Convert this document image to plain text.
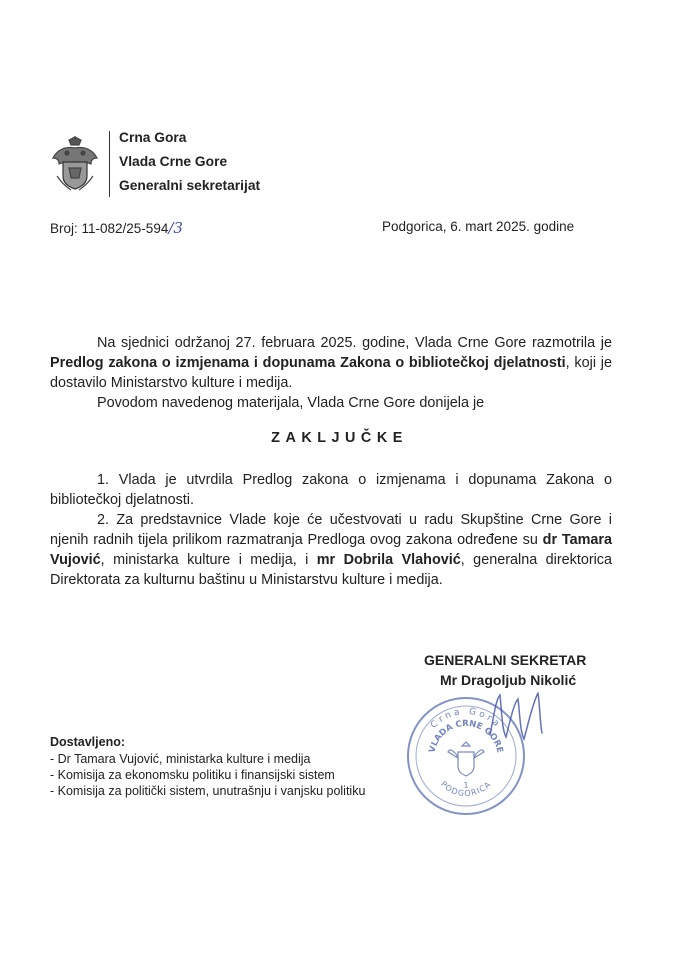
Crna Gora
Vlada Crne Gore
Generalni sekretarijat
Broj: 11-082/25-594/3	Podgorica, 6. mart 2025. godine

Na sjednici održanoj 27. februara 2025. godine, Vlada Crne Gore razmotrila je Predlog zakona o izmjenama i dopunama Zakona o bibliotečkoj djelatnosti, koji je dostavilo Ministarstvo kulture i medija.

Povodom navedenog materijala, Vlada Crne Gore donijela je

ZAKLJUČKE

1. Vlada je utvrdila Predlog zakona o izmjenama i dopunama Zakona o bibliotečkoj djelatnosti.

2. Za predstavnice Vlade koje će učestvovati u radu Skupštine Crne Gore i njenih radnih tijela prilikom razmatranja Predloga ovog zakona određene su dr Tamara Vujović, ministarka kulture i medija, i mr Dobrila Vlahović, generalna direktorica Direktorata za kulturnu baštinu u Ministarstvu kulture i medija.

GENERALNI SEKRETAR
Mr Dragoljub Nikolić
Crna Gora
VLADA CRNE GORE
1
PODGORICA
Dostavljeno:
- Dr Tamara Vujović, ministarka kulture i medija
- Komisija za ekonomsku politiku i finansijski sistem
- Komisija za politički sistem, unutrašnju i vanjsku politiku
